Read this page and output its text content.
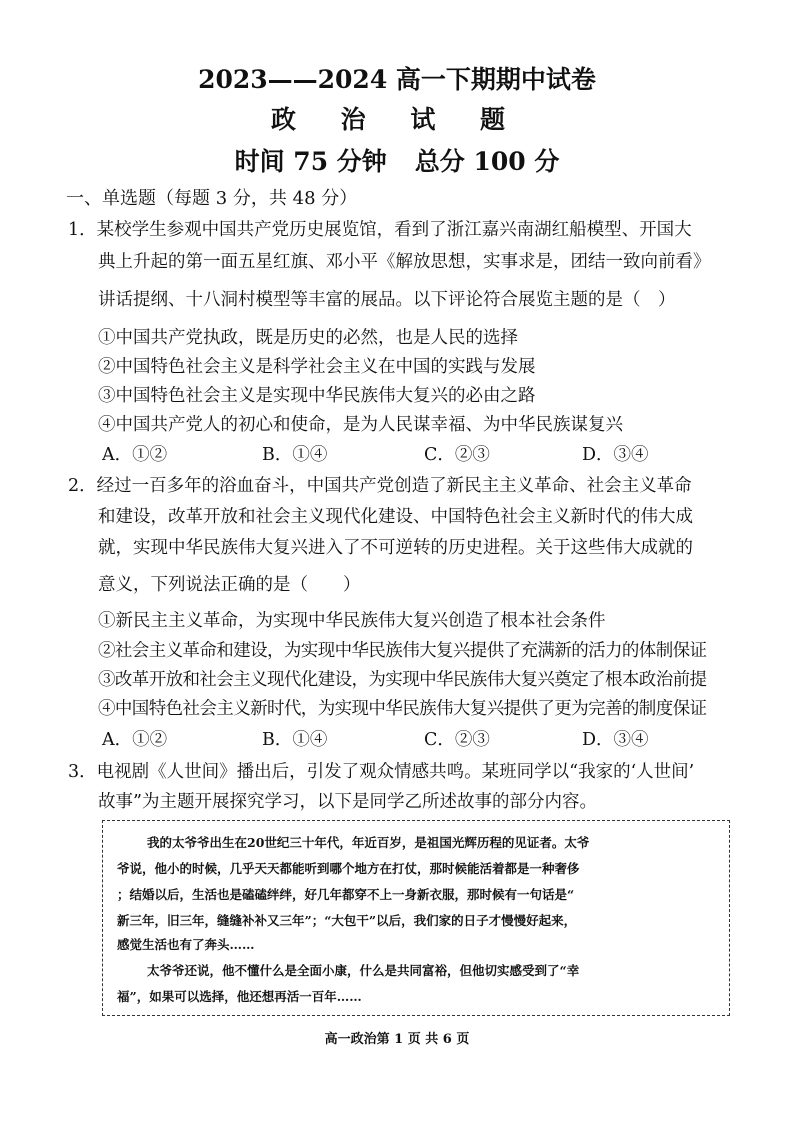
2023——2024 高一下期期中试卷
政 治 试 题
时间 75 分钟 总分 100 分
一、单选题（每题 3 分，共 48 分）
1．某校学生参观中国共产党历史展览馆，看到了浙江嘉兴南湖红船模型、开国大
典上升起的第一面五星红旗、邓小平《解放思想，实事求是，团结一致向前看》
讲话提纲、十八洞村模型等丰富的展品。以下评论符合展览主题的是（　）
①中国共产党执政，既是历史的必然，也是人民的选择
②中国特色社会主义是科学社会主义在中国的实践与发展
③中国特色社会主义是实现中华民族伟大复兴的必由之路
④中国共产党人的初心和使命，是为人民谋幸福、为中华民族谋复兴
A．①②	B．①④	C．②③	D．③④
2．经过一百多年的浴血奋斗，中国共产党创造了新民主主义革命、社会主义革命
和建设，改革开放和社会主义现代化建设、中国特色社会主义新时代的伟大成
就，实现中华民族伟大复兴进入了不可逆转的历史进程。关于这些伟大成就的
意义，下列说法正确的是（　　）
①新民主主义革命，为实现中华民族伟大复兴创造了根本社会条件
②社会主义革命和建设，为实现中华民族伟大复兴提供了充满新的活力的体制保证
③改革开放和社会主义现代化建设，为实现中华民族伟大复兴奠定了根本政治前提
④中国特色社会主义新时代，为实现中华民族伟大复兴提供了更为完善的制度保证
A．①②	B．①④	C．②③	D．③④
3．电视剧《人世间》播出后，引发了观众情感共鸣。某班同学以“我家的‘人世间’
故事”为主题开展探究学习，以下是同学乙所述故事的部分内容。
我的太爷爷出生在20世纪三十年代，年近百岁，是祖国光辉历程的见证者。太爷
爷说，他小的时候，几乎天天都能听到哪个地方在打仗，那时候能活着都是一种奢侈
；结婚以后，生活也是磕磕绊绊，好几年都穿不上一身新衣服，那时候有一句话是“
新三年，旧三年，缝缝补补又三年”；“大包干”以后，我们家的日子才慢慢好起来，
感觉生活也有了奔头……
太爷爷还说，他不懂什么是全面小康，什么是共同富裕，但他切实感受到了“幸
福”，如果可以选择，他还想再活一百年……
高一政治第 1 页 共 6 页
